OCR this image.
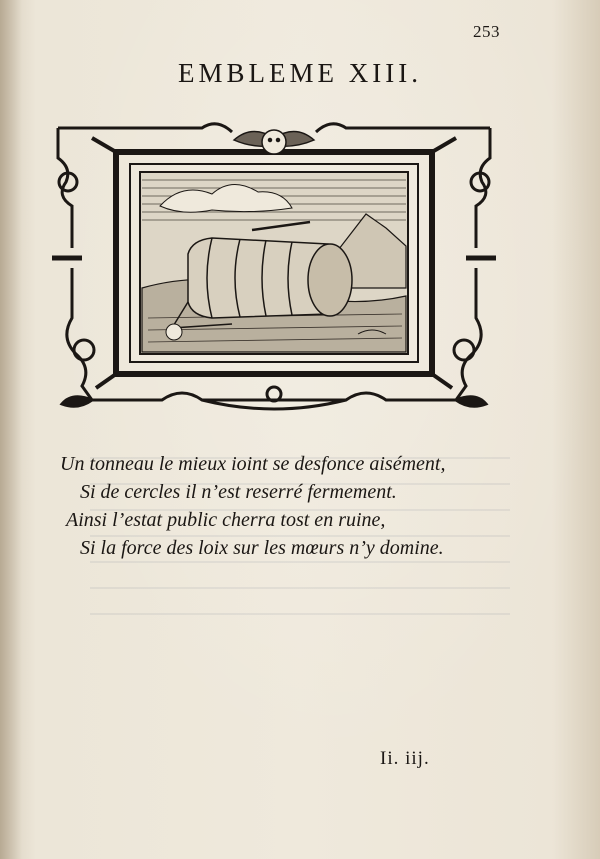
253
EMBLEME XIII.
Un tonneau le mieux ioint se desfonce aisément,
Si de cercles il n’est reserré fermement.
Ainsi l’estat public cherra tost en ruine,
Si la force des loix sur les mœurs n’y domine.
Ii. iij.
